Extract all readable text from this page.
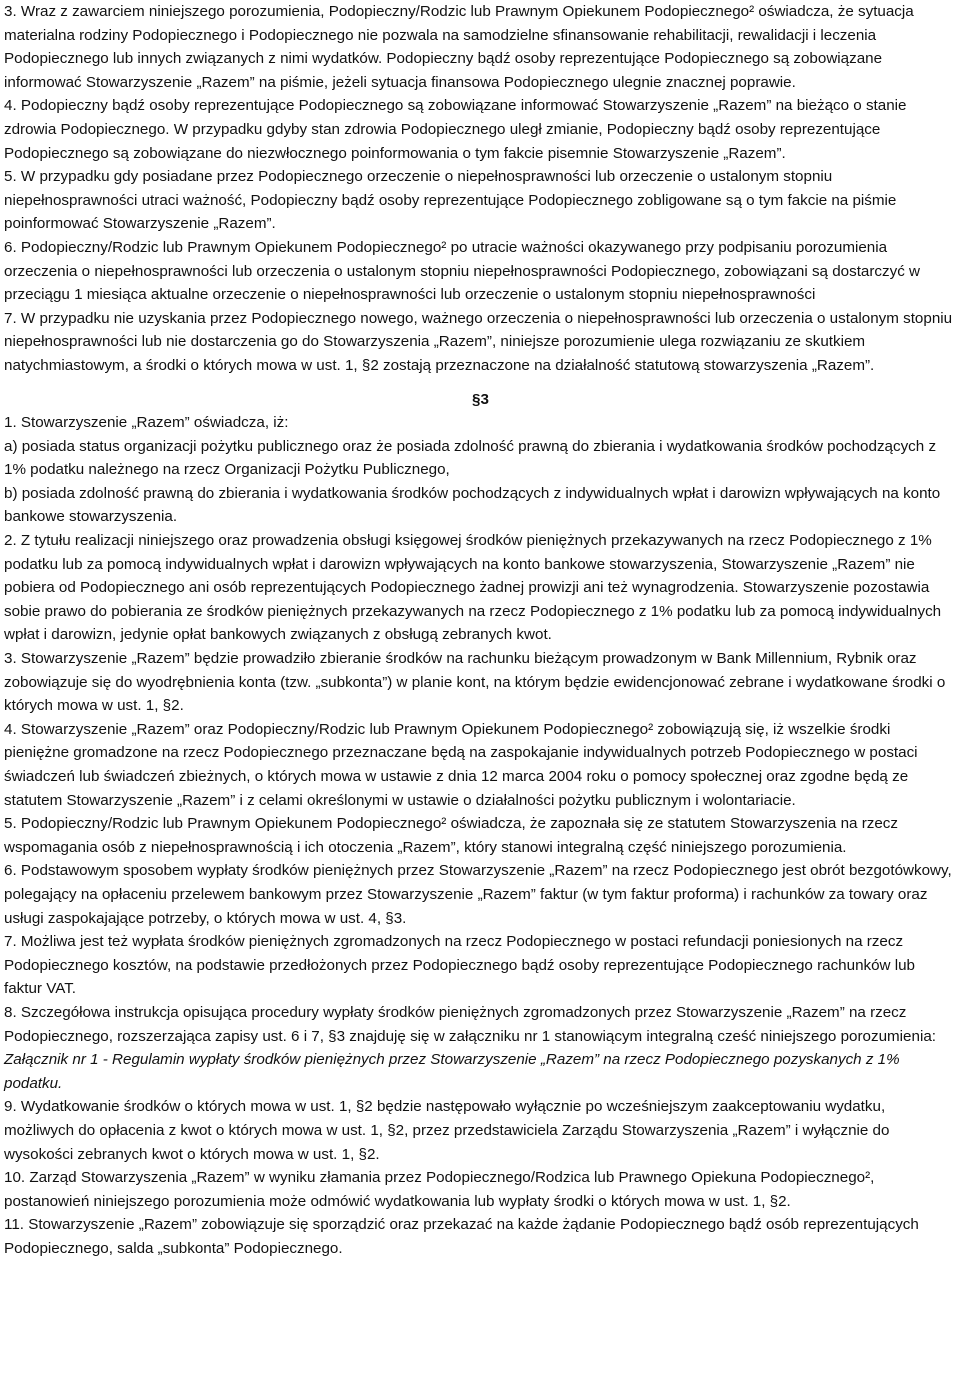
3. Wraz z zawarciem niniejszego porozumienia, Podopieczny/Rodzic lub Prawnym Opiekunem Podopiecznego² oświadcza, że sytuacja materialna rodziny Podopiecznego i Podopiecznego nie pozwala na samodzielne sfinansowanie rehabilitacji, rewalidacji i leczenia Podopiecznego lub innych związanych z nimi wydatków. Podopieczny bądź osoby reprezentujące Podopiecznego są zobowiązane informować Stowarzyszenie „Razem” na piśmie, jeżeli sytuacja finansowa Podopiecznego ulegnie znacznej poprawie.

4. Podopieczny bądź osoby reprezentujące Podopiecznego są zobowiązane informować Stowarzyszenie „Razem” na bieżąco o stanie zdrowia Podopiecznego. W przypadku gdyby stan zdrowia Podopiecznego uległ zmianie, Podopieczny bądź osoby reprezentujące Podopiecznego są zobowiązane do niezwłocznego poinformowania o tym fakcie pisemnie Stowarzyszenie „Razem”.

5. W przypadku gdy posiadane przez Podopiecznego orzeczenie o niepełnosprawności lub orzeczenie o ustalonym stopniu niepełnosprawności utraci ważność, Podopieczny bądź osoby reprezentujące Podopiecznego zobligowane są o tym fakcie na piśmie poinformować Stowarzyszenie „Razem”.

6. Podopieczny/Rodzic lub Prawnym Opiekunem Podopiecznego² po utracie ważności okazywanego przy podpisaniu porozumienia orzeczenia o niepełnosprawności lub orzeczenia o ustalonym stopniu niepełnosprawności Podopiecznego, zobowiązani są dostarczyć w przeciągu 1 miesiąca aktualne orzeczenie o niepełnosprawności lub orzeczenie o ustalonym stopniu niepełnosprawności

7. W przypadku nie uzyskania przez Podopiecznego nowego, ważnego orzeczenia o niepełnosprawności lub orzeczenia o ustalonym stopniu niepełnosprawności lub nie dostarczenia go do Stowarzyszenia „Razem”, niniejsze porozumienie ulega rozwiązaniu ze skutkiem natychmiastowym, a środki o których mowa w ust. 1, §2 zostają przeznaczone na działalność statutową stowarzyszenia „Razem”.

§3

1. Stowarzyszenie „Razem” oświadcza, iż:

a) posiada status organizacji pożytku publicznego oraz że posiada zdolność prawną do zbierania i wydatkowania środków pochodzących z 1% podatku należnego na rzecz Organizacji Pożytku Publicznego,

b) posiada zdolność prawną do zbierania i wydatkowania środków pochodzących z indywidualnych wpłat i darowizn wpływających na konto bankowe stowarzyszenia.

2. Z tytułu realizacji niniejszego oraz prowadzenia obsługi księgowej środków pieniężnych przekazywanych na rzecz Podopiecznego z 1% podatku lub za pomocą indywidualnych wpłat i darowizn wpływających na konto bankowe stowarzyszenia, Stowarzyszenie „Razem” nie pobiera od Podopiecznego ani osób reprezentujących Podopiecznego żadnej prowizji ani też wynagrodzenia. Stowarzyszenie pozostawia sobie prawo do pobierania ze środków pieniężnych przekazywanych na rzecz Podopiecznego z 1% podatku lub za pomocą indywidualnych wpłat i darowizn, jedynie opłat bankowych związanych z obsługą zebranych kwot.

3. Stowarzyszenie „Razem” będzie prowadziło zbieranie środków na rachunku bieżącym prowadzonym w Bank Millennium, Rybnik oraz zobowiązuje się do wyodrębnienia konta (tzw. „subkonta”) w planie kont, na którym będzie ewidencjonować zebrane i wydatkowane środki o których mowa w ust. 1, §2.

4. Stowarzyszenie „Razem” oraz Podopieczny/Rodzic lub Prawnym Opiekunem Podopiecznego² zobowiązują się, iż wszelkie środki pieniężne gromadzone na rzecz Podopiecznego przeznaczane będą na zaspokajanie indywidualnych potrzeb Podopiecznego w postaci świadczeń lub świadczeń zbieżnych, o których mowa w ustawie z dnia 12 marca 2004 roku o pomocy społecznej oraz zgodne będą ze statutem Stowarzyszenie „Razem” i z celami określonymi w ustawie o działalności pożytku publicznym i wolontariacie.

5. Podopieczny/Rodzic lub Prawnym Opiekunem Podopiecznego² oświadcza, że zapoznała się ze statutem Stowarzyszenia na rzecz wspomagania osób z niepełnosprawnością i ich otoczenia „Razem”, który stanowi integralną część niniejszego porozumienia.

6. Podstawowym sposobem wypłaty środków pieniężnych przez Stowarzyszenie „Razem” na rzecz Podopiecznego jest obrót bezgotówkowy, polegający na opłaceniu przelewem bankowym przez Stowarzyszenie „Razem” faktur (w tym faktur proforma) i rachunków za towary oraz usługi zaspokajające potrzeby, o których mowa w ust. 4, §3.

7. Możliwa jest też wypłata środków pieniężnych zgromadzonych na rzecz Podopiecznego w postaci refundacji poniesionych na rzecz Podopiecznego kosztów, na podstawie przedłożonych przez Podopiecznego bądź osoby reprezentujące Podopiecznego rachunków lub faktur VAT.

8. Szczegółowa instrukcja opisująca procedury wypłaty środków pieniężnych zgromadzonych przez Stowarzyszenie „Razem” na rzecz Podopiecznego, rozszerzająca zapisy ust. 6 i 7, §3 znajduję się w załączniku nr 1 stanowiącym integralną cześć niniejszego porozumienia: Załącznik nr 1 - Regulamin wypłaty środków pieniężnych przez Stowarzyszenie „Razem” na rzecz Podopiecznego pozyskanych z 1% podatku.

9. Wydatkowanie środków o których mowa w ust. 1, §2 będzie następowało wyłącznie po wcześniejszym zaakceptowaniu wydatku, możliwych do opłacenia z kwot o których mowa w ust. 1, §2, przez przedstawiciela Zarządu Stowarzyszenia „Razem” i wyłącznie do wysokości zebranych kwot o których mowa w ust. 1, §2.

10. Zarząd Stowarzyszenia „Razem” w wyniku złamania przez Podopiecznego/Rodzica lub Prawnego Opiekuna Podopiecznego², postanowień niniejszego porozumienia może odmówić wydatkowania lub wypłaty środki o których mowa w ust. 1, §2.

11. Stowarzyszenie „Razem” zobowiązuje się sporządzić oraz przekazać na każde żądanie Podopiecznego bądź osób reprezentujących Podopiecznego, salda „subkonta” Podopiecznego.
